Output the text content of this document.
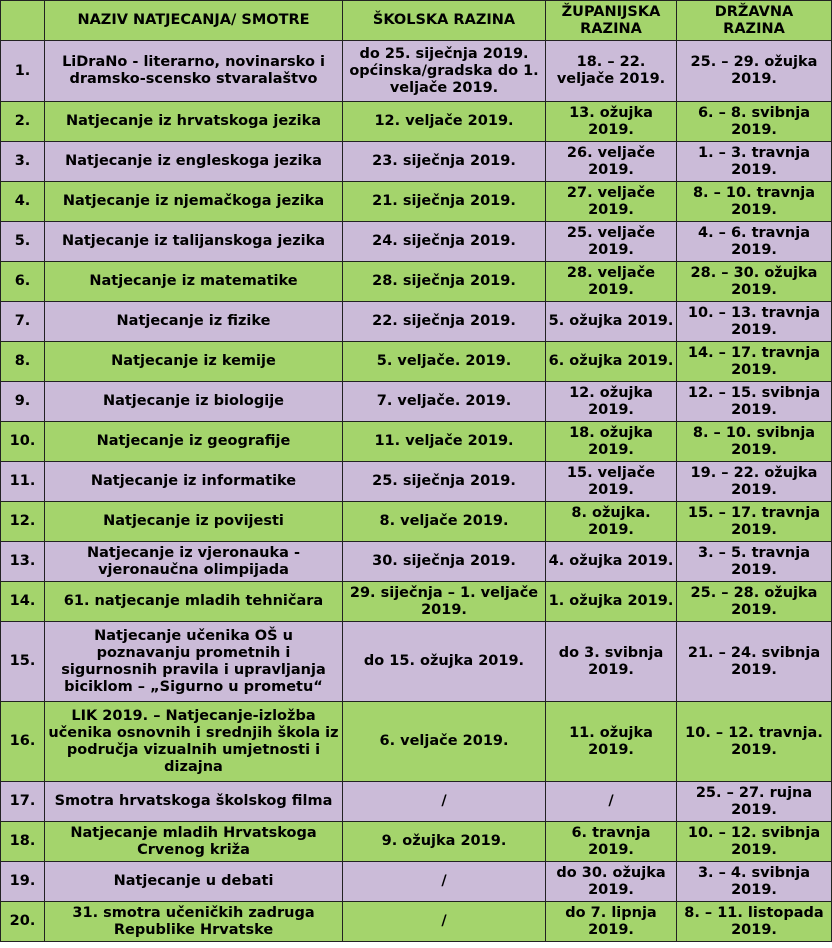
	NAZIV NATJECANJA/ SMOTRE	ŠKOLSKA RAZINA	ŽUPANIJSKA RAZINA	DRŽAVNA RAZINA
1.	LiDraNo - literarno, novinarsko i dramsko-scensko stvaralaštvo	do 25. siječnja 2019. općinska/gradska do 1. veljače 2019.	18. – 22. veljače 2019.	25. – 29. ožujka 2019.
2.	Natjecanje iz hrvatskoga jezika	12. veljače 2019.	13. ožujka 2019.	6. – 8. svibnja 2019.
3.	Natjecanje iz engleskoga jezika	23. siječnja 2019.	26. veljače 2019.	1. – 3. travnja 2019.
4.	Natjecanje iz njemačkoga jezika	21. siječnja 2019.	27. veljače 2019.	8. – 10. travnja 2019.
5.	Natjecanje iz talijanskoga jezika	24. siječnja 2019.	25. veljače 2019.	4. – 6. travnja 2019.
6.	Natjecanje iz matematike	28. siječnja 2019.	28. veljače 2019.	28. – 30. ožujka 2019.
7.	Natjecanje iz fizike	22. siječnja 2019.	5. ožujka 2019.	10. – 13. travnja 2019.
8.	Natjecanje iz kemije	5. veljače. 2019.	6. ožujka 2019.	14. – 17. travnja 2019.
9.	Natjecanje iz biologije	7. veljače. 2019.	12. ožujka 2019.	12. – 15. svibnja 2019.
10.	Natjecanje iz geografije	11. veljače 2019.	18. ožujka 2019.	8. – 10. svibnja 2019.
11.	Natjecanje iz informatike	25. siječnja 2019.	15. veljače 2019.	19. – 22. ožujka 2019.
12.	Natjecanje iz povijesti	8. veljače 2019.	8. ožujka. 2019.	15. – 17. travnja 2019.
13.	Natjecanje iz vjeronauka - vjeronaučna olimpijada	30. siječnja 2019.	4. ožujka 2019.	3. – 5. travnja 2019.
14.	61. natjecanje mladih tehničara	29. siječnja – 1. veljače 2019.	1. ožujka 2019.	25. – 28. ožujka 2019.
15.	Natjecanje učenika OŠ u poznavanju prometnih i sigurnosnih pravila i upravljanja biciklom – „Sigurno u prometu“	do 15. ožujka 2019.	do 3. svibnja 2019.	21. – 24. svibnja 2019.
16.	LIK 2019. – Natjecanje-izložba učenika osnovnih i srednjih škola iz područja vizualnih umjetnosti i dizajna	6. veljače 2019.	11. ožujka 2019.	10. – 12. travnja. 2019.
17.	Smotra hrvatskoga školskog filma	/	/	25. – 27. rujna 2019.
18.	Natjecanje mladih Hrvatskoga Crvenog križa	9. ožujka 2019.	6. travnja 2019.	10. – 12. svibnja 2019.
19.	Natjecanje u debati	/	do 30. ožujka 2019.	3. – 4. svibnja 2019.
20.	31. smotra učeničkih zadruga Republike Hrvatske	/	do 7. lipnja 2019.	8. – 11. listopada 2019.
